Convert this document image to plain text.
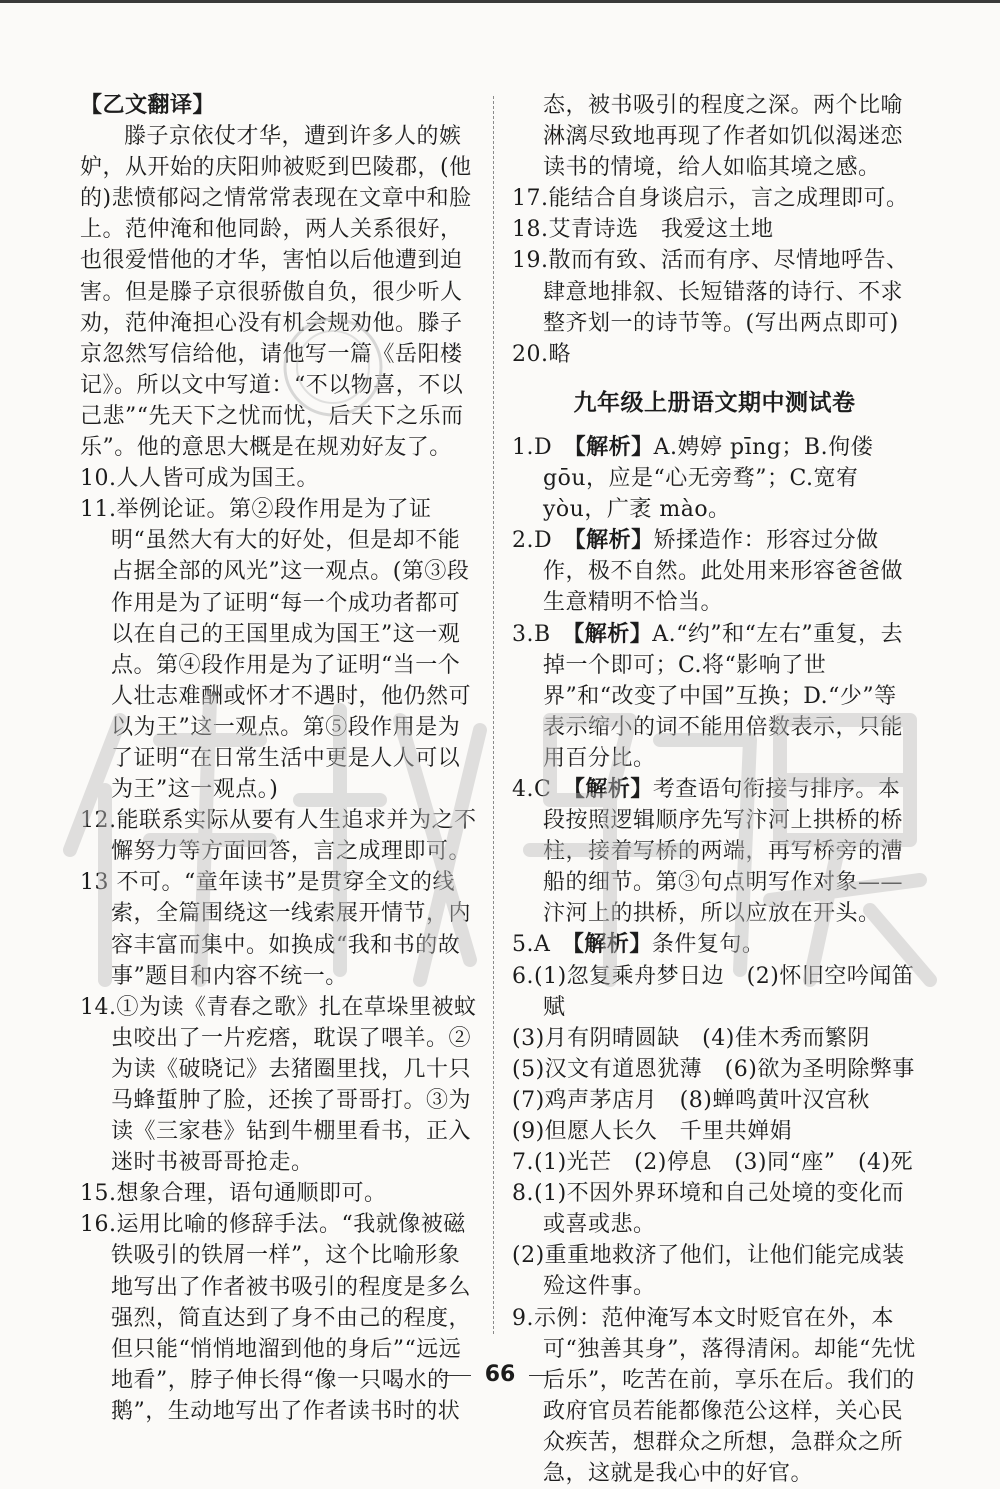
【乙文翻译】

滕子京依仗才华，遭到许多人的嫉妒，从开始的庆阳帅被贬到巴陵郡，(他的)悲愤郁闷之情常常表现在文章中和脸上。范仲淹和他同龄，两人关系很好，也很爱惜他的才华，害怕以后他遭到迫害。但是滕子京很骄傲自负，很少听人劝，范仲淹担心没有机会规劝他。滕子京忽然写信给他，请他写一篇《岳阳楼记》。所以文中写道：“不以物喜，不以己悲”“先天下之忧而忧，后天下之乐而乐”。他的意思大概是在规劝好友了。

10.人人皆可成为国王。

11.举例论证。第②段作用是为了证明“虽然大有大的好处，但是却不能占据全部的风光”这一观点。(第③段作用是为了证明“每一个成功者都可以在自己的王国里成为国王”这一观点。第④段作用是为了证明“当一个人壮志难酬或怀才不遇时，他仍然可以为王”这一观点。第⑤段作用是为了证明“在日常生活中更是人人可以为王”这一观点。)

12.能联系实际从要有人生追求并为之不懈努力等方面回答，言之成理即可。

13 不可。“童年读书”是贯穿全文的线索，全篇围绕这一线索展开情节，内容丰富而集中。如换成“我和书的故事”题目和内容不统一。

14.①为读《青春之歌》扎在草垛里被蚊虫咬出了一片疙瘩，耽误了喂羊。②为读《破晓记》去猪圈里找，几十只马蜂蜇肿了脸，还挨了哥哥打。③为读《三家巷》钻到牛棚里看书，正入迷时书被哥哥抢走。

15.想象合理，语句通顺即可。

16.运用比喻的修辞手法。“我就像被磁铁吸引的铁屑一样”，这个比喻形象地写出了作者被书吸引的程度是多么强烈，简直达到了身不由己的程度，但只能“悄悄地溜到他的身后”“远远地看”，脖子伸长得“像一只喝水的鹅”，生动地写出了作者读书时的状

态，被书吸引的程度之深。两个比喻淋漓尽致地再现了作者如饥似渴迷恋读书的情境，给人如临其境之感。

17.能结合自身谈启示，言之成理即可。

18.艾青诗选　我爱这土地

19.散而有致、活而有序、尽情地呼告、肆意地排叙、长短错落的诗行、不求整齐划一的诗节等。(写出两点即可)

20.略

九年级上册语文期中测试卷

1.D　 【解析】A.娉婷 pīng；B.佝偻 gōu，应是“心无旁骛”；C.宽宥 yòu，广袤 mào。

2.D　 【解析】矫揉造作：形容过分做作，极不自然。此处用来形容爸爸做生意精明不恰当。

3.B　 【解析】A.“约”和“左右”重复，去掉一个即可；C.将“影响了世界”和“改变了中国”互换；D.“少”等表示缩小的词不能用倍数表示，只能用百分比。

4.C　 【解析】考查语句衔接与排序。本段按照逻辑顺序先写汴河上拱桥的桥柱，接着写桥的两端，再写桥旁的漕船的细节。第③句点明写作对象——汴河上的拱桥，所以应放在开头。

5.A　 【解析】条件复句。

6.(1)忽复乘舟梦日边　(2)怀旧空吟闻笛赋

(3)月有阴晴圆缺　(4)佳木秀而繁阴

(5)汉文有道恩犹薄　(6)欲为圣明除弊事

(7)鸡声茅店月　(8)蝉鸣黄叶汉宫秋

(9)但愿人长久　千里共婵娟

7.(1)光芒　(2)停息　(3)同“座”　(4)死

8.(1)不因外界环境和自己处境的变化而或喜或悲。

(2)重重地救济了他们，让他们能完成装殓这件事。

9.示例：范仲淹写本文时贬官在外，本可“独善其身”，落得清闲。却能“先忧后乐”，吃苦在前，享乐在后。我们的政府官员若能都像范公这样，关心民众疾苦，想群众之所想，急群众之所急，这就是我心中的好官。

66
